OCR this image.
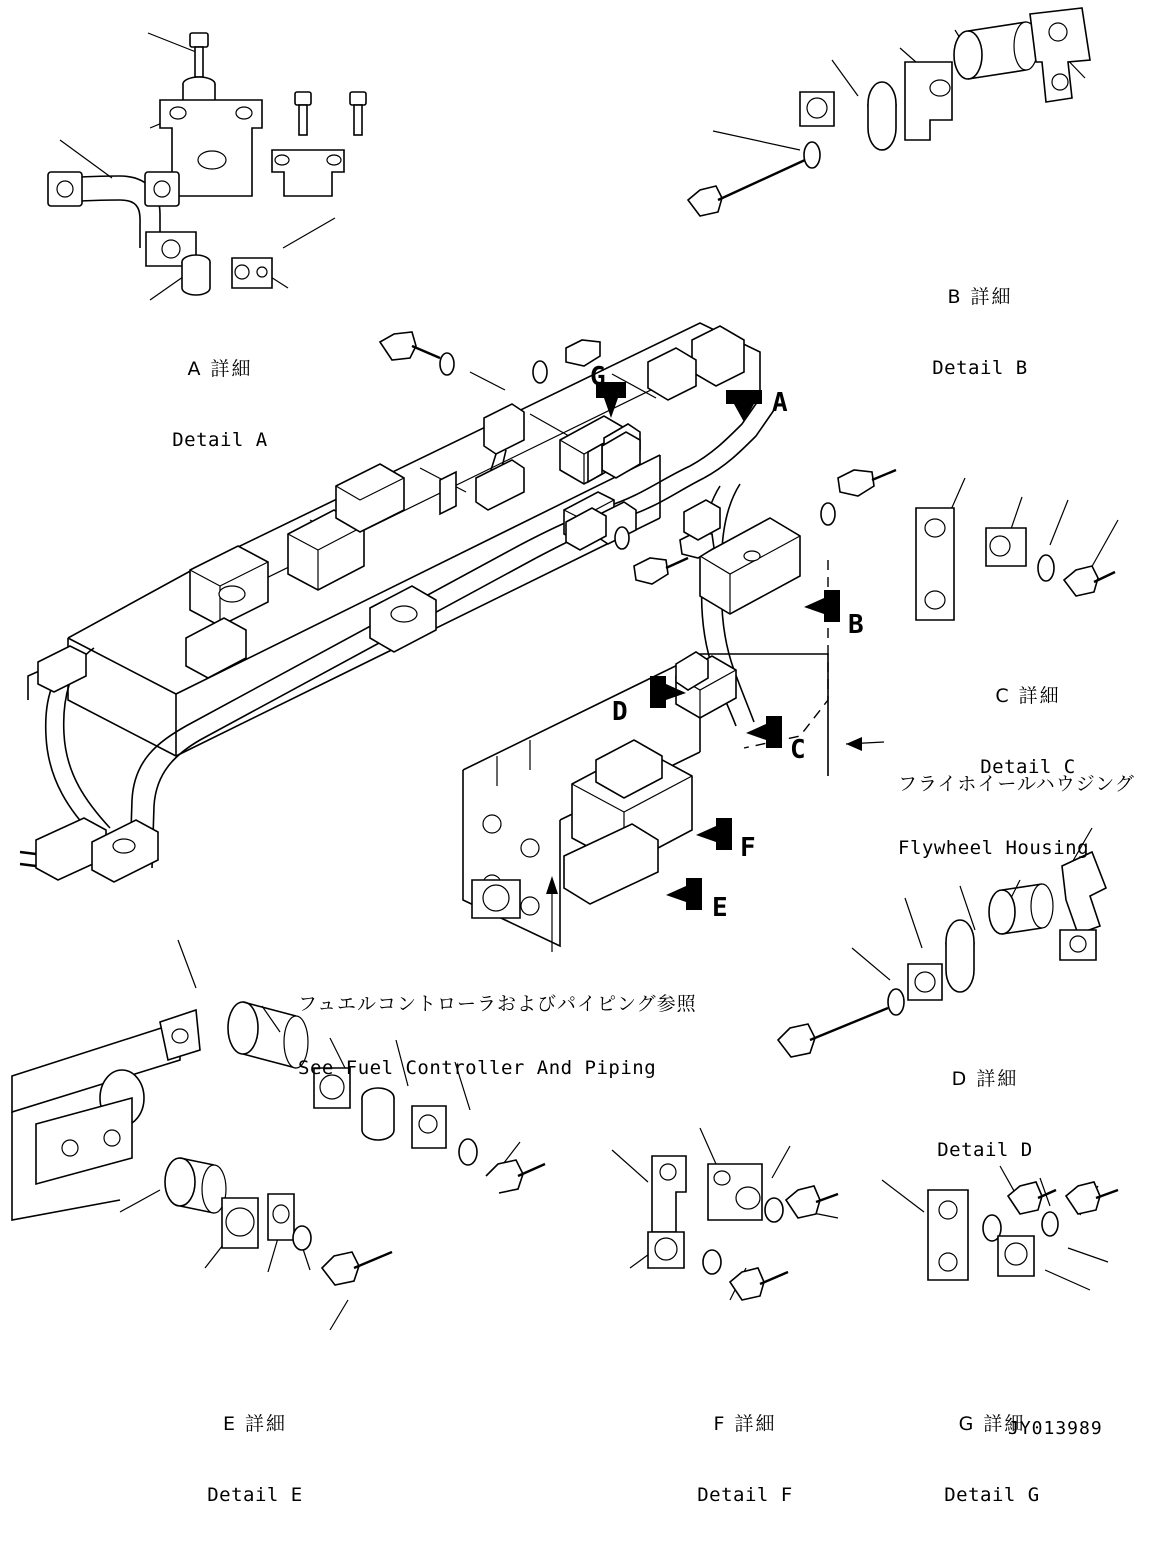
A 詳細

Detail A

B 詳細

Detail B

C 詳細

Detail C

D 詳細

Detail D

E 詳細

Detail E

F 詳細

Detail F

G 詳細

Detail G

フライホイールハウジング

Flywheel Housing

フュエルコントローラおよびパイピング参照

See Fuel Controller And Piping

A
B
C
D
E
F
G
JY013989
